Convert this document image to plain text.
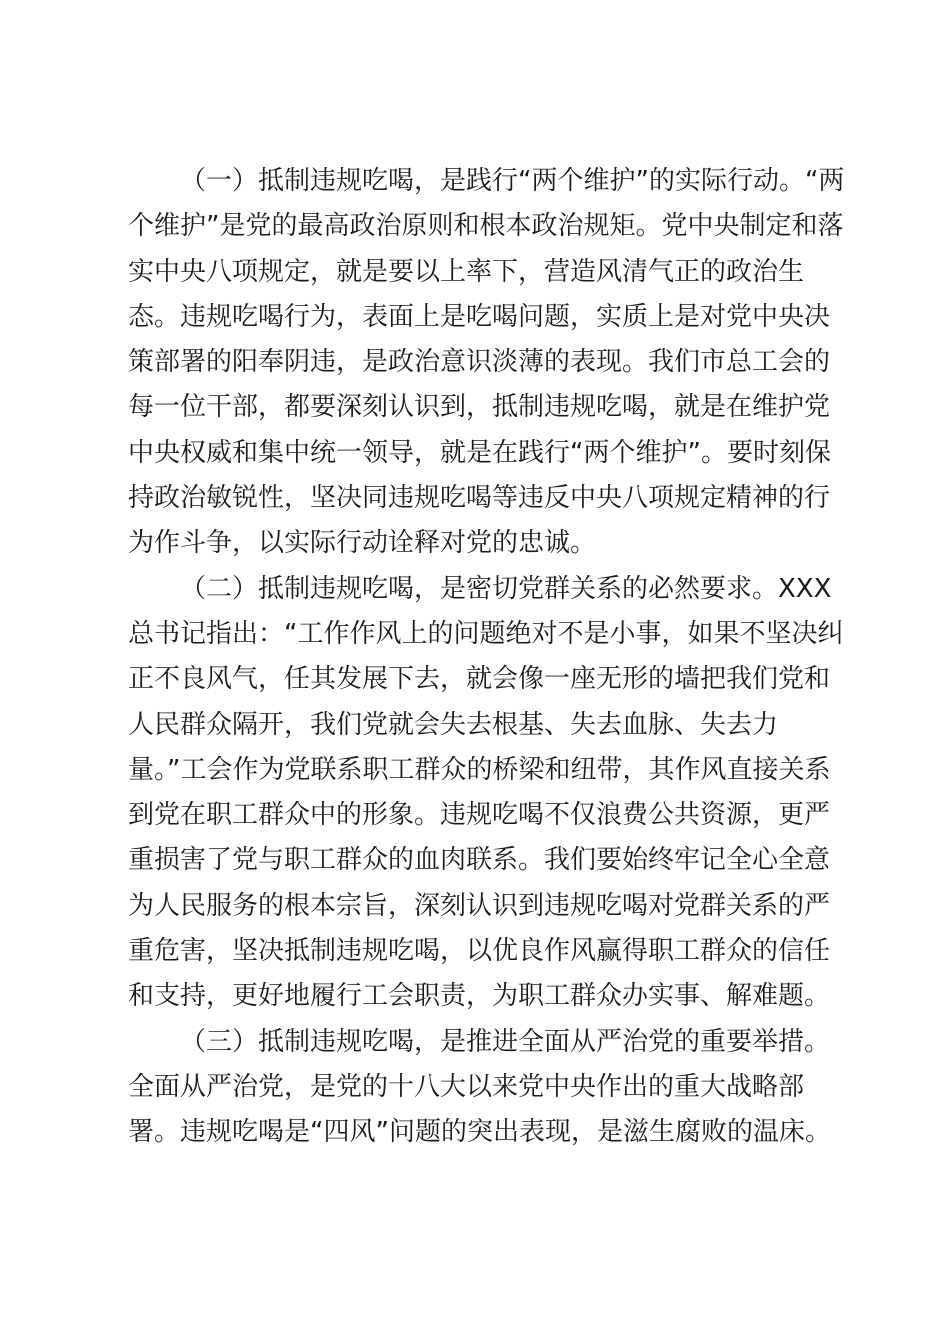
（一）抵制违规吃喝，是践行“两个维护”的实际行动。“两
个维护”是党的最高政治原则和根本政治规矩。党中央制定和落
实中央八项规定，就是要以上率下，营造风清气正的政治生
态。违规吃喝行为，表面上是吃喝问题，实质上是对党中央决
策部署的阳奉阴违，是政治意识淡薄的表现。我们市总工会的
每一位干部，都要深刻认识到，抵制违规吃喝，就是在维护党
中央权威和集中统一领导，就是在践行“两个维护”。要时刻保
持政治敏锐性，坚决同违规吃喝等违反中央八项规定精神的行
为作斗争，以实际行动诠释对党的忠诚。
（二）抵制违规吃喝，是密切党群关系的必然要求。XXX
总书记指出：“工作作风上的问题绝对不是小事，如果不坚决纠
正不良风气，任其发展下去，就会像一座无形的墙把我们党和
人民群众隔开，我们党就会失去根基、失去血脉、失去力
量。”工会作为党联系职工群众的桥梁和纽带，其作风直接关系
到党在职工群众中的形象。违规吃喝不仅浪费公共资源，更严
重损害了党与职工群众的血肉联系。我们要始终牢记全心全意
为人民服务的根本宗旨，深刻认识到违规吃喝对党群关系的严
重危害，坚决抵制违规吃喝，以优良作风赢得职工群众的信任
和支持，更好地履行工会职责，为职工群众办实事、解难题。
（三）抵制违规吃喝，是推进全面从严治党的重要举措。
全面从严治党，是党的十八大以来党中央作出的重大战略部
署。违规吃喝是“四风”问题的突出表现，是滋生腐败的温床。
